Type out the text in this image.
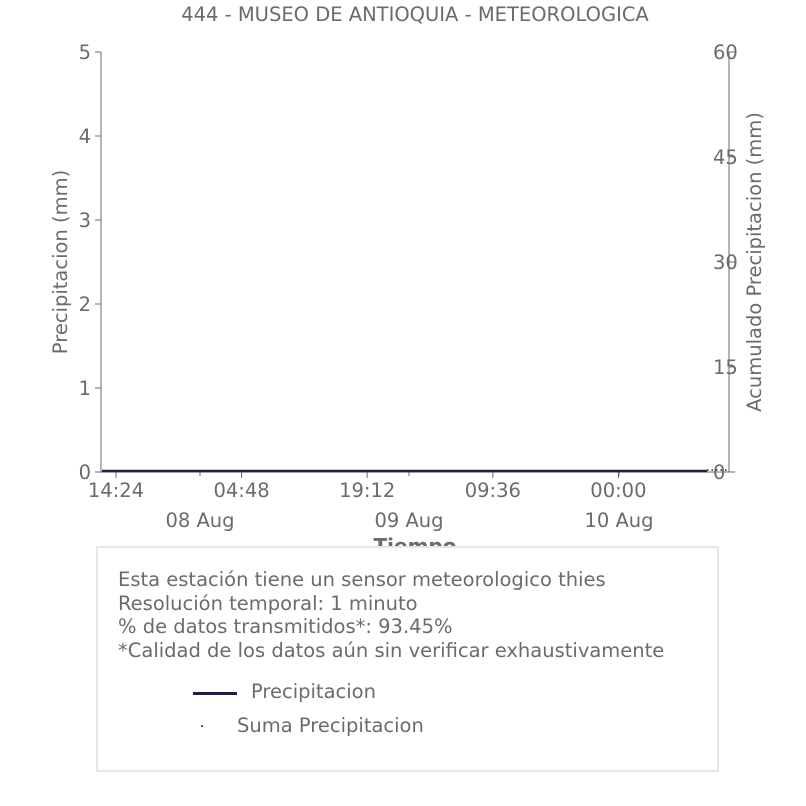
444 - MUSEO DE ANTIOQUIA - METEOROLOGICA
0
1
2
3
4
5
0
15
30
45
60
14:24	04:48	19:12	09:36	00:00
08 Aug	09 Aug	10 Aug
Precipitacion (mm)	Acumulado Precipitacion (mm)
Esta estación tiene un sensor meteorologico thies
Resolución temporal: 1 minuto
% de datos transmitidos*: 93.45%
*Calidad de los datos aún sin verificar exhaustivamente
Precipitacion
Suma Precipitacion
